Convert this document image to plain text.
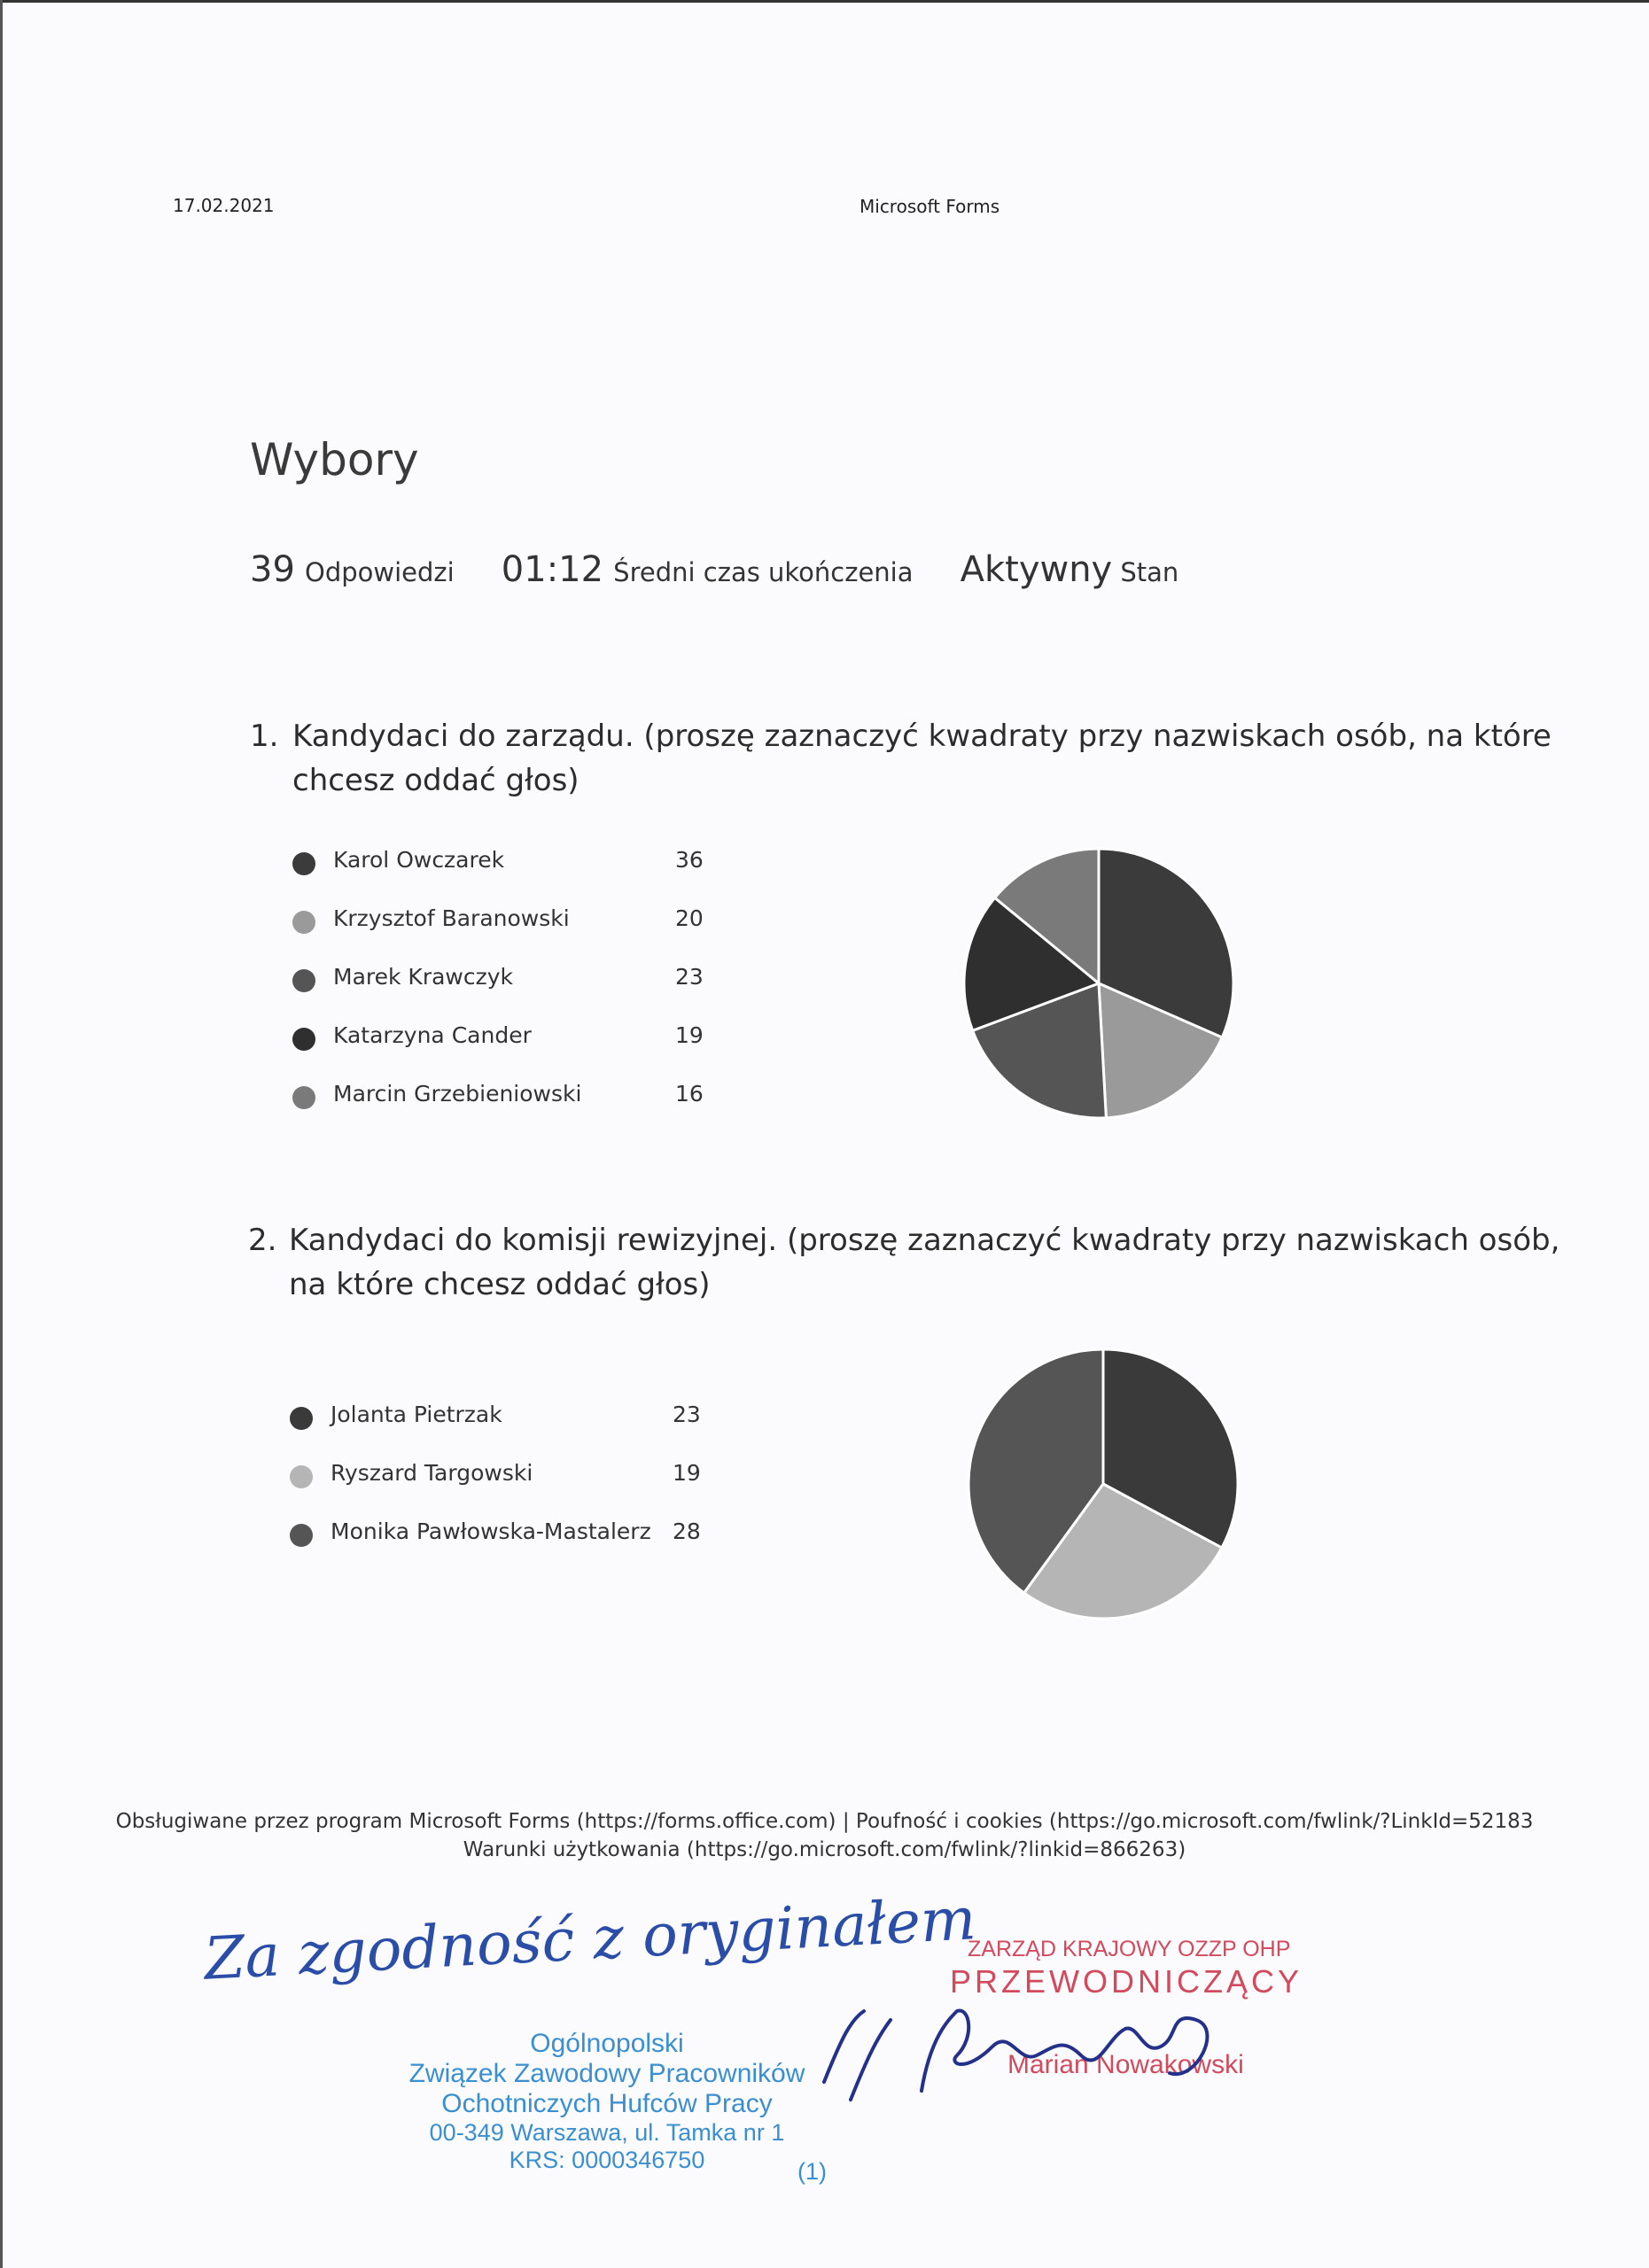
17.02.2021	Microsoft Forms
Wybory
39 Odpowiedzi 01:12 Średni czas ukończenia Aktywny Stan
1. Kandydaci do zarządu. (proszę zaznaczyć kwadraty przy nazwiskach osób, na które
chcesz oddać głos)
Karol Owczarek	36
Krzysztof Baranowski	20
Marek Krawczyk	23
Katarzyna Cander	19
Marcin Grzebieniowski	16
2. Kandydaci do komisji rewizyjnej. (proszę zaznaczyć kwadraty przy nazwiskach osób,
na które chcesz oddać głos)
Jolanta Pietrzak	23
Ryszard Targowski	19
Monika Pawłowska-Mastalerz 28
Obsługiwane przez program Microsoft Forms (https://forms.office.com) | Poufność i cookies (https://go.microsoft.com/fwlink/?LinkId=52183
Warunki użytkowania (https://go.microsoft.com/fwlink/?linkid=866263)
Za zgodność z oryginałem
Ogólnopolski
Związek Zawodowy Pracowników
Ochotniczych Hufców Pracy
00-349 Warszawa, ul. Tamka nr 1
KRS: 0000346750	(1)
ZARZĄD KRAJOWY OZZP OHP
PRZEWODNICZĄCY
Marian Nowakowski
